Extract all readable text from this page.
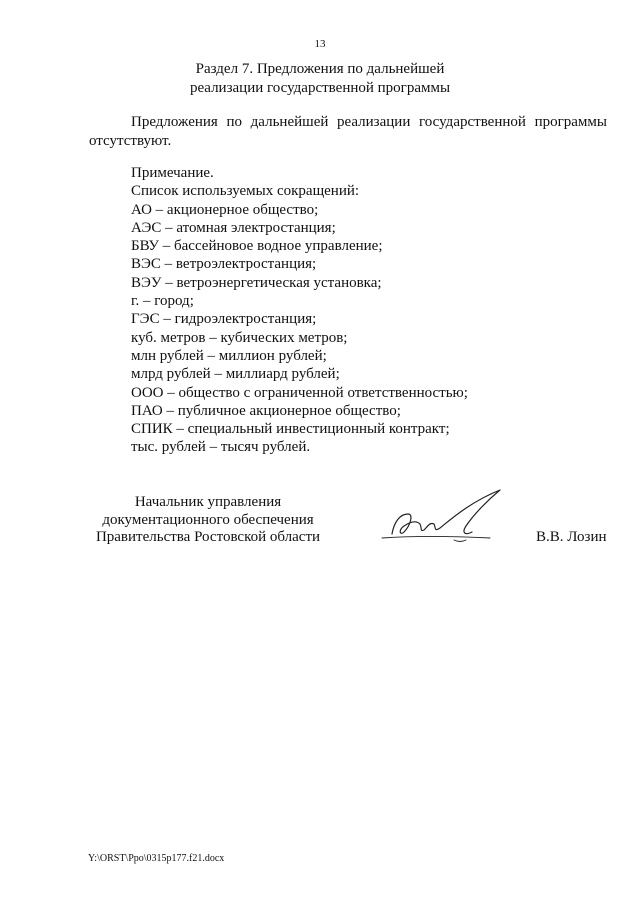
13
Раздел 7. Предложения по дальнейшей
реализации государственной программы
Предложения по дальнейшей реализации государственной программы
отсутствуют.
Примечание.
Список используемых сокращений:
АО – акционерное общество;
АЭС – атомная электростанция;
БВУ – бассейновое водное управление;
ВЭС – ветроэлектростанция;
ВЭУ – ветроэнергетическая установка;
г. – город;
ГЭС – гидроэлектростанция;
куб. метров – кубических метров;
млн рублей – миллион рублей;
млрд рублей – миллиард рублей;
ООО – общество с ограниченной ответственностью;
ПАО – публичное акционерное общество;
СПИК – специальный инвестиционный контракт;
тыс. рублей – тысяч рублей.
Начальник управления
документационного обеспечения
Правительства Ростовской области	В.В. Лозин
Y:\ORST\Ppo\0315p177.f21.docx
